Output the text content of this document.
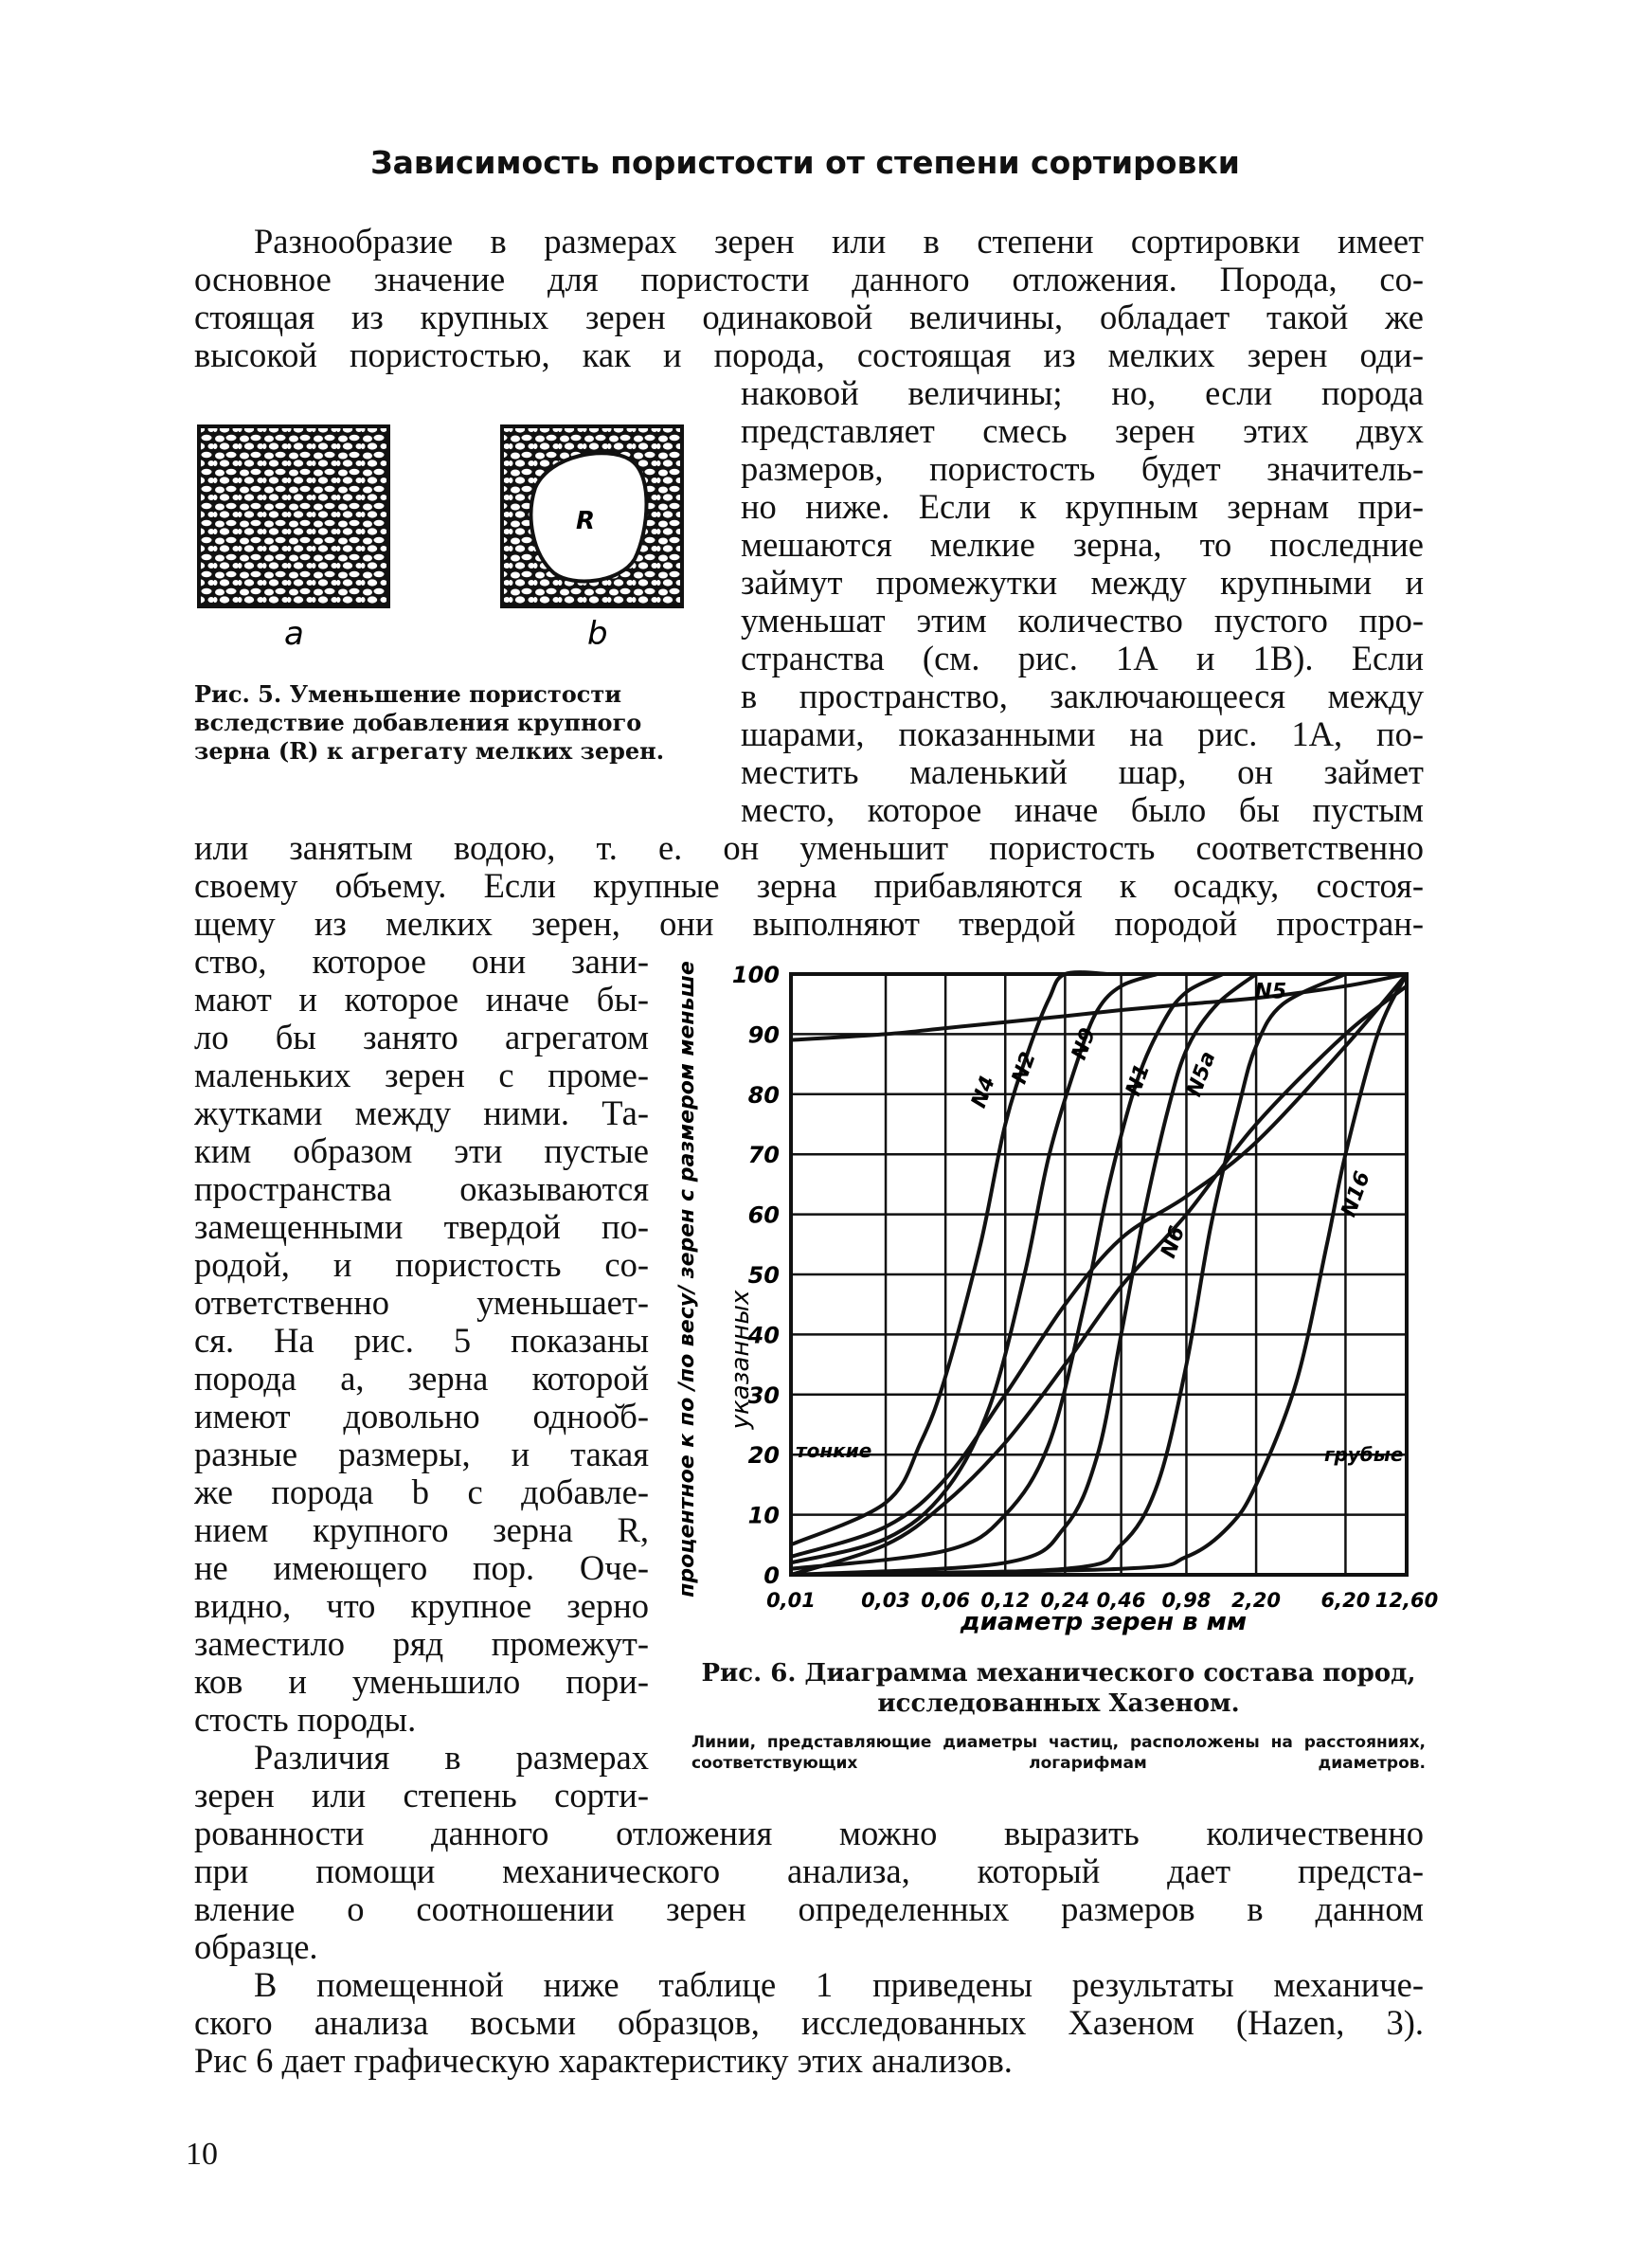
Зависимость пористости от степени сортировки
Разнообразие в размерах зерен или в степени сортировки имеет
основное значение для пористости данного отложения. Порода, со-
стоящая из крупных зерен одинаковой величины, обладает такой же
высокой пористостью, как и порода, состоящая из мелких зерен оди-
наковой величины; но, если порода
представляет смесь зерен этих двух
размеров, пористость будет значитель-
но ниже. Если к крупным зернам при-
мешаются мелкие зерна, то последние
займут промежутки между крупными и
уменьшат этим количество пустого про-
странства (см. рис. 1А и 1В). Если
в пространство, заключающееся между
шарами, показанными на рис. 1А, по-
местить маленький шар, он займет
место, которое иначе было бы пустым
или занятым водою, т. е. он уменьшит пористость соответственно
своему объему. Если крупные зерна прибавляются к осадку, состоя-
щему из мелких зерен, они выполняют твердой породой простран-
ство, которое они зани-
мают и которое иначе бы-
ло бы занято агрегатом
маленьких зерен с проме-
жутками между ними. Та-
ким образом эти пустые
пространства оказываются
замещенными твердой по-
родой, и пористость со-
ответственно уменьшает-
ся. На рис. 5 показаны
порода а, зерна которой
имеют довольно одноо̆б-
разные размеры, и такая
же порода b с добавле-
нием крупного зерна R,
не имеющего пор. Оче-
видно, что крупное зерно
заместило ряд промежут-
ков и уменьшило пори-
стость породы.
Различия в размерах
зерен или степень сорти-
рованности данного отложения можно выразить количественно
при помощи механического анализа, который дает предста-
вление о соотношении зерен определенных размеров в данном
образце.
В помещенной ниже таблице 1 приведены результаты механиче-
ского анализа восьми образцов, исследованных Хазеном (Hazen, 3).
Рис 6 дает графическую характеристику этих анализов.
R
a	b
Рис. 5. Уменьшение пористости вследствие добавления крупного зерна (R) к агрегату мелких зерен.
процентное к по /по весу/ зерен с размером меньше указанных
0
10
20
30
40
50
60
70
80
90
100
0,01 0,03 0,06 0,12 0,24 0,46 0,98 2,20 6,20 12,60
N4
N2
N9
N1 N5a
N6
N16
N5
тонкие	грубые
диаметр зерен в мм
Рис. 6. Диаграмма механического состава пород, исследованных Хазеном.
Линии, представляющие диаметры частиц, расположены на расстояниях, соответствующих логарифмам диаметров.
10
